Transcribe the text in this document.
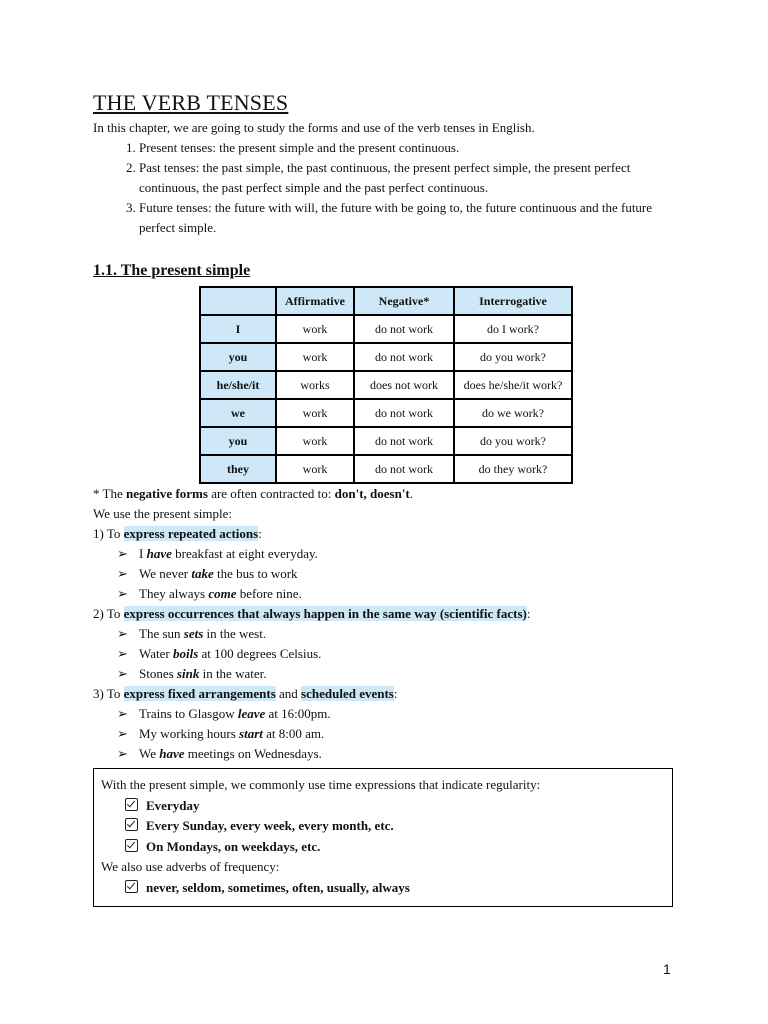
THE VERB TENSES

In this chapter, we are going to study the forms and use of the verb tenses in English.

1. Present tenses: the present simple and the present continuous.
2. Past tenses: the past simple, the past continuous, the present perfect simple, the present perfect continuous, the past perfect simple and the past perfect continuous.
3. Future tenses: the future with will, the future with be going to, the future continuous and the future perfect simple.
1.1. The present simple
	Affirmative	Negative*	Interrogative
I	work	do not work	do I work?
you	work	do not work	do you work?
he/she/it	works	does not work	does he/she/it work?
we	work	do not work	do we work?
you	work	do not work	do you work?
they	work	do not work	do they work?

* The negative forms are often contracted to: don't, doesn't.

We use the present simple:

1) To express repeated actions:

➢ I have breakfast at eight everyday.
➢ We never take the bus to work
➢ They always come before nine.

2) To express occurrences that always happen in the same way (scientific facts):

➢ The sun sets in the west.
➢ Water boils at 100 degrees Celsius.
➢ Stones sink in the water.

3) To express fixed arrangements and scheduled events:

➢ Trains to Glasgow leave at 16:00pm.
➢ My working hours start at 8:00 am.
➢ We have meetings on Wednesdays.

With the present simple, we commonly use time expressions that indicate regularity:

Everyday
Every Sunday, every week, every month, etc.
On Mondays, on weekdays, etc.

We also use adverbs of frequency:

never, seldom, sometimes, often, usually, always
1
